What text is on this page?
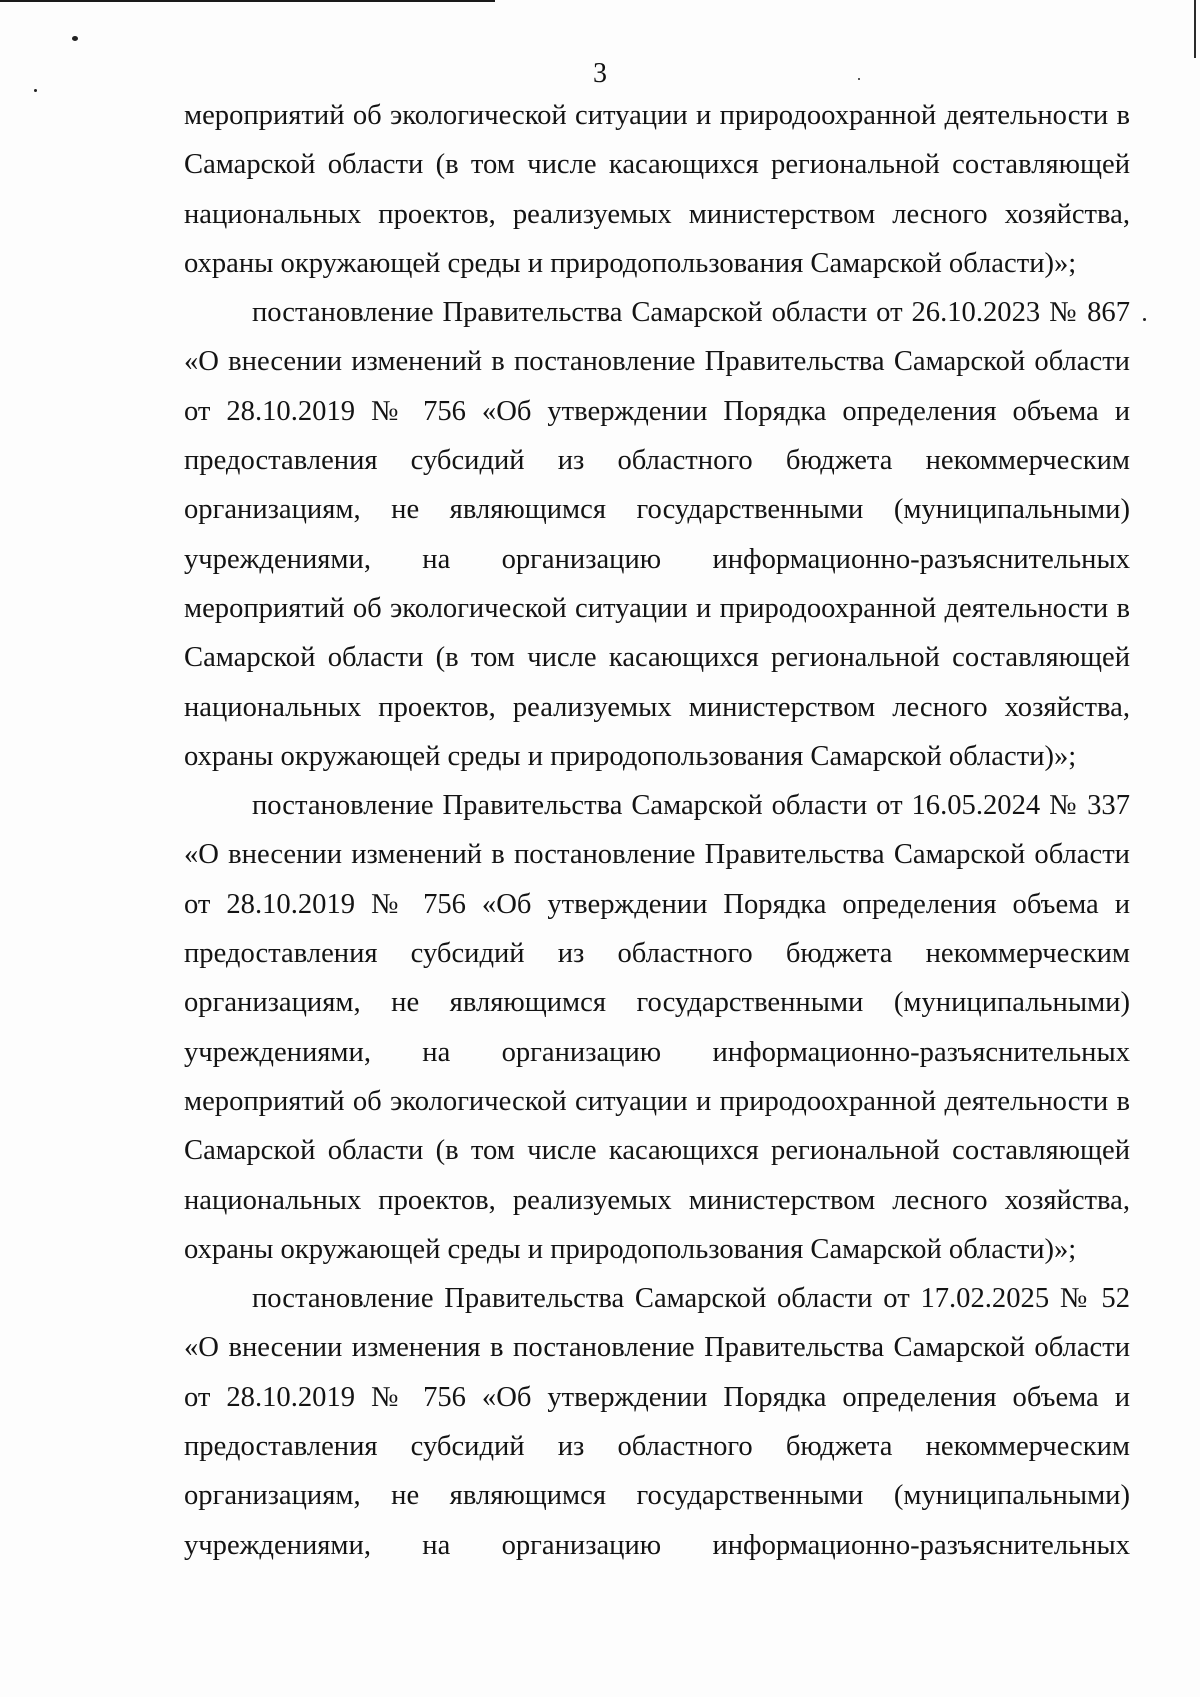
3

мероприятий об экологической ситуации и природоохранной деятельности в Самарской области (в том числе касающихся региональной составляющей национальных проектов, реализуемых министерством лесного хозяйства, охраны окружающей среды и природопользования Самарской области)»;

постановление Правительства Самарской области от 26.10.2023 № 867 «О внесении изменений в постановление Правительства Самарской области от 28.10.2019 № 756 «Об утверждении Порядка определения объема и предоставления субсидий из областного бюджета некоммерческим организациям, не являющимся государственными (муниципальными) учреждениями, на организацию информационно-разъяснительных мероприятий об экологической ситуации и природоохранной деятельности в Самарской области (в том числе касающихся региональной составляющей национальных проектов, реализуемых министерством лесного хозяйства, охраны окружающей среды и природопользования Самарской области)»;

постановление Правительства Самарской области от 16.05.2024 № 337 «О внесении изменений в постановление Правительства Самарской области от 28.10.2019 № 756 «Об утверждении Порядка определения объема и предоставления субсидий из областного бюджета некоммерческим организациям, не являющимся государственными (муниципальными) учреждениями, на организацию информационно-разъяснительных мероприятий об экологической ситуации и природоохранной деятельности в Самарской области (в том числе касающихся региональной составляющей национальных проектов, реализуемых министерством лесного хозяйства, охраны окружающей среды и природопользования Самарской области)»;

постановление Правительства Самарской области от 17.02.2025 № 52 «О внесении изменения в постановление Правительства Самарской области от 28.10.2019 № 756 «Об утверждении Порядка определения объема и предоставления субсидий из областного бюджета некоммерческим организациям, не являющимся государственными (муниципальными) учреждениями, на организацию информационно-разъяснительных
